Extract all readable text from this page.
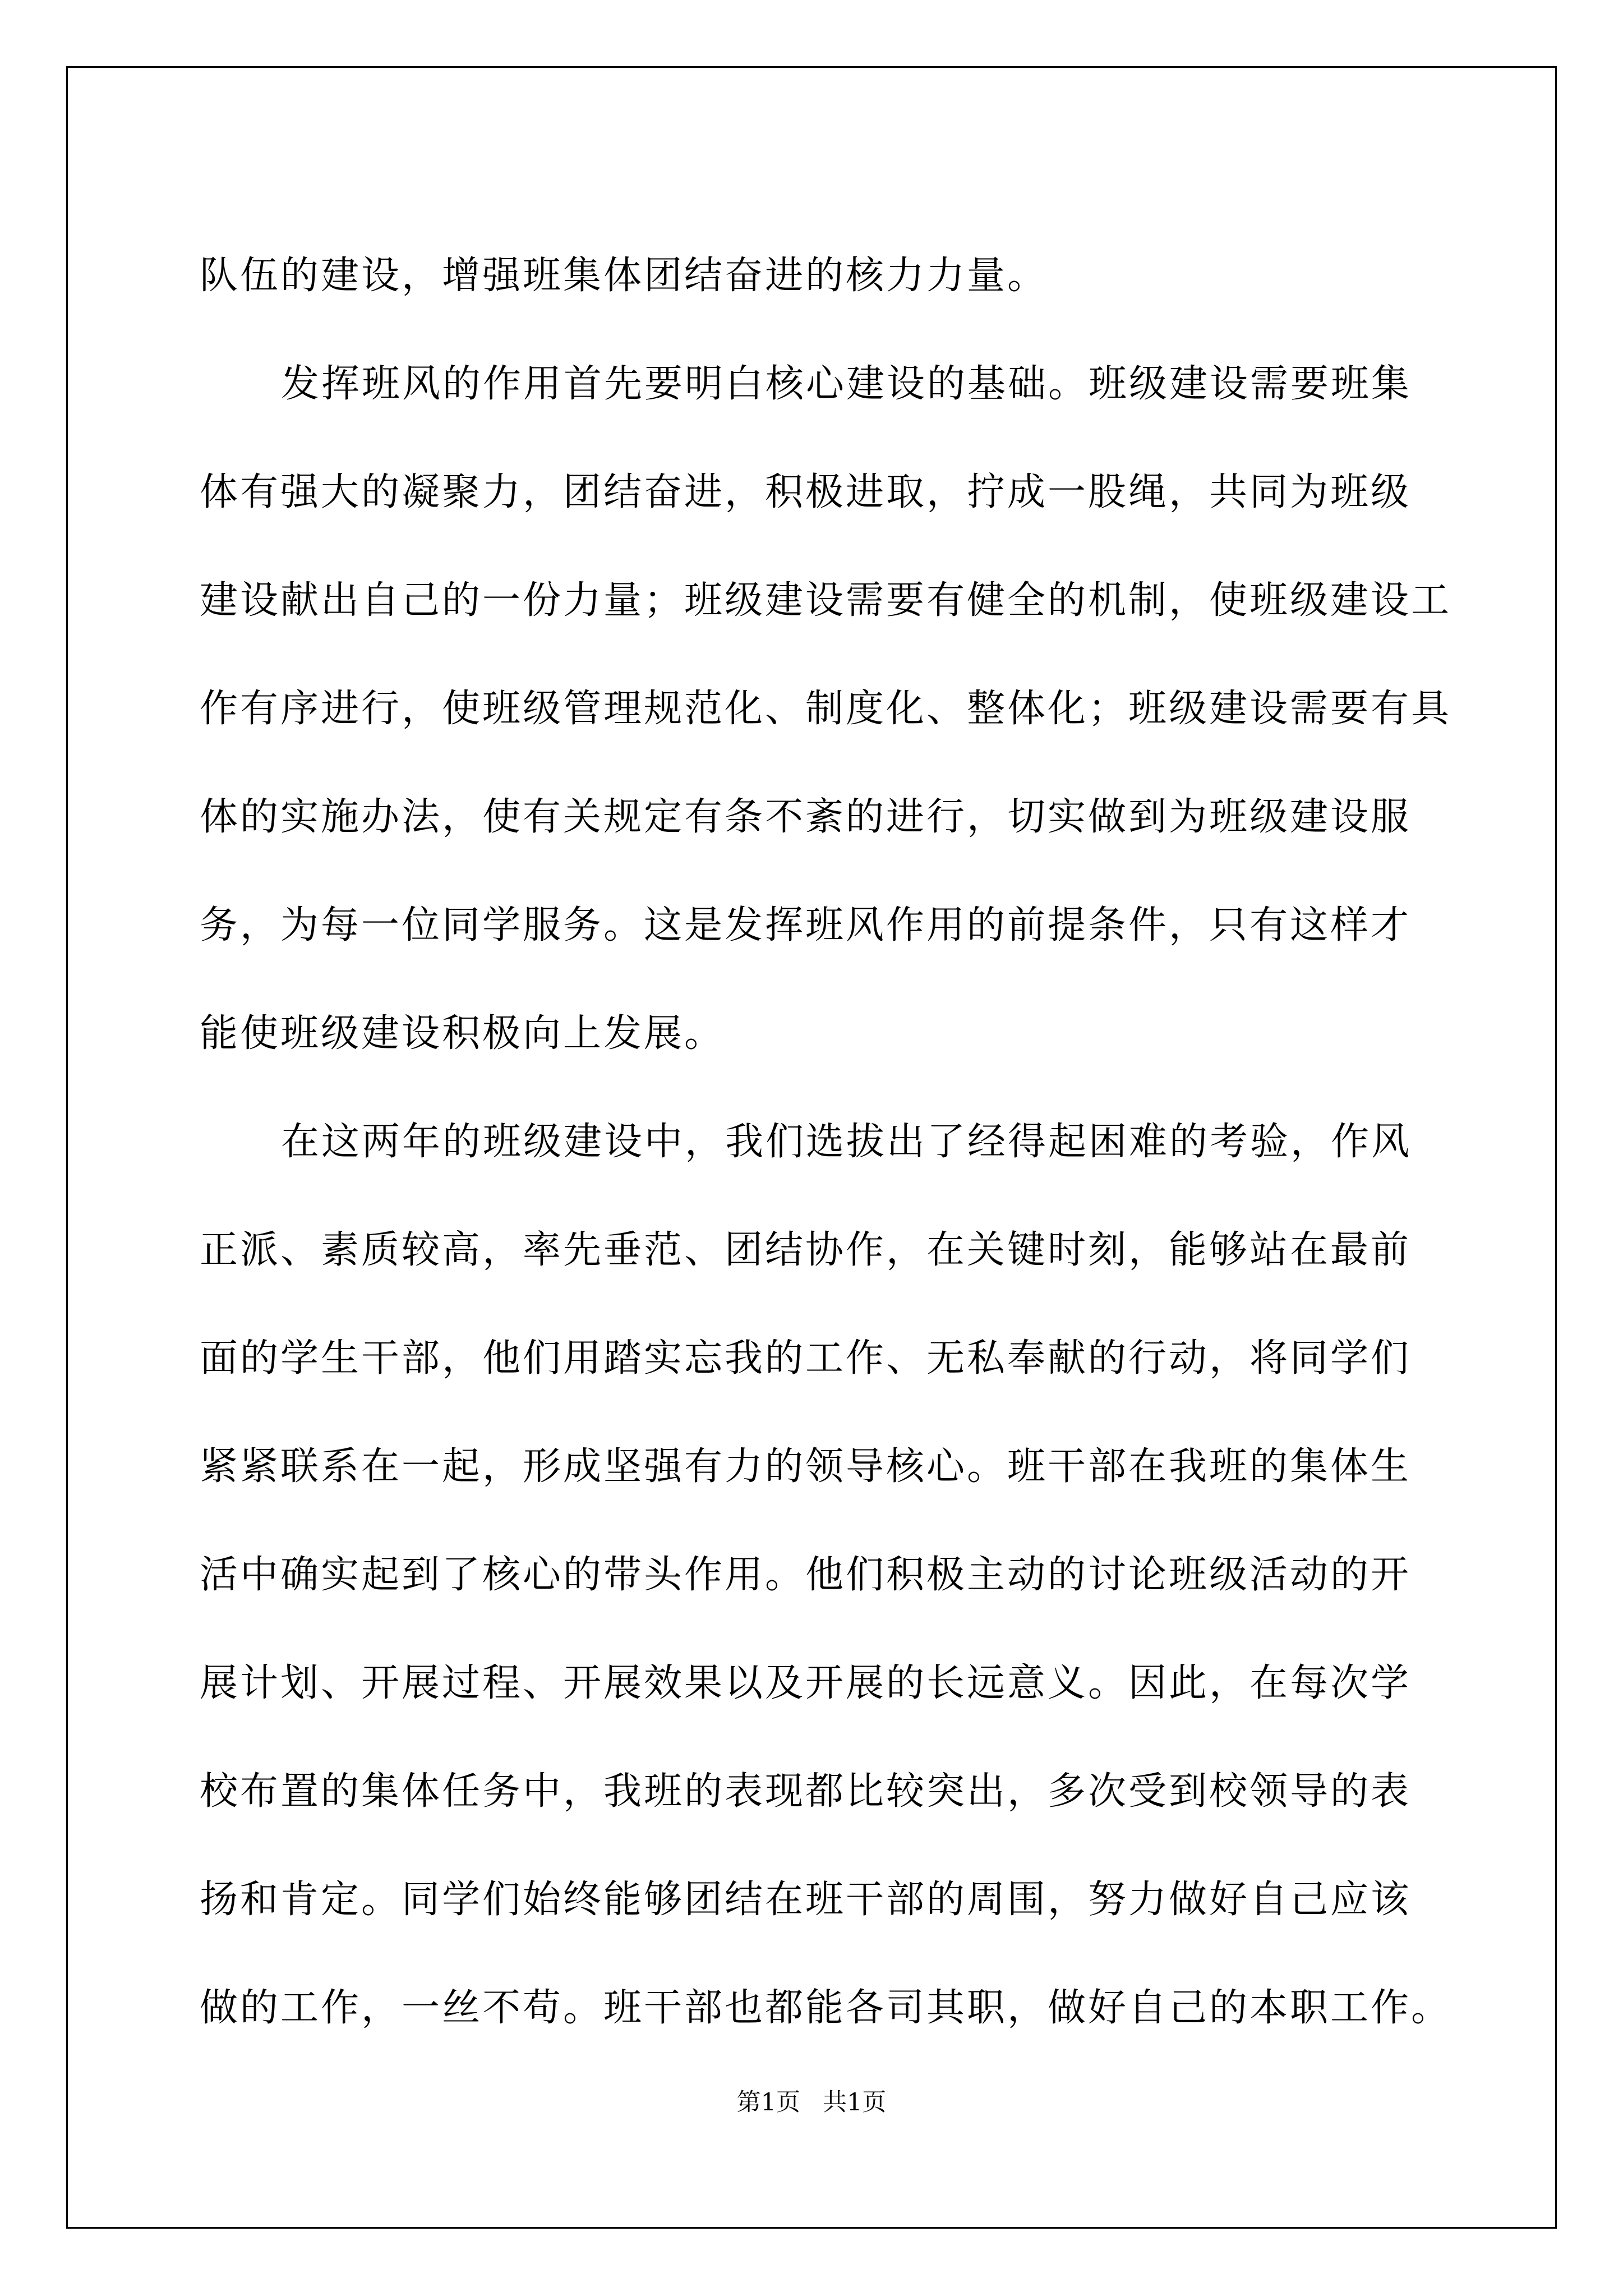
队伍的建设，增强班集体团结奋进的核力力量。
发挥班风的作用首先要明白核心建设的基础。班级建设需要班集
体有强大的凝聚力，团结奋进，积极进取，拧成一股绳，共同为班级
建设献出自己的一份力量；班级建设需要有健全的机制，使班级建设工
作有序进行，使班级管理规范化、制度化、整体化；班级建设需要有具
体的实施办法，使有关规定有条不紊的进行，切实做到为班级建设服
务，为每一位同学服务。这是发挥班风作用的前提条件，只有这样才
能使班级建设积极向上发展。
在这两年的班级建设中，我们选拔出了经得起困难的考验，作风
正派、素质较高，率先垂范、团结协作，在关键时刻，能够站在最前
面的学生干部，他们用踏实忘我的工作、无私奉献的行动，将同学们
紧紧联系在一起，形成坚强有力的领导核心。班干部在我班的集体生
活中确实起到了核心的带头作用。他们积极主动的讨论班级活动的开
展计划、开展过程、开展效果以及开展的长远意义。因此，在每次学
校布置的集体任务中，我班的表现都比较突出，多次受到校领导的表
扬和肯定。同学们始终能够团结在班干部的周围，努力做好自己应该
做的工作，一丝不苟。班干部也都能各司其职，做好自己的本职工作。
第1页 共1页
